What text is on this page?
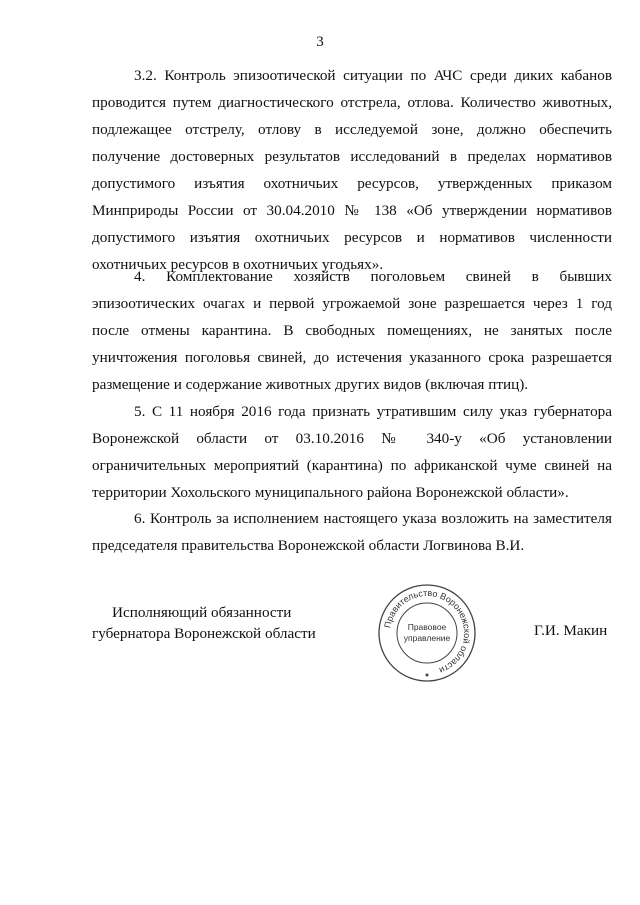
3
3.2. Контроль эпизоотической ситуации по АЧС среди диких кабанов проводится путем диагностического отстрела, отлова. Количество животных, подлежащее отстрелу, отлову в исследуемой зоне, должно обеспечить получение достоверных результатов исследований в пределах нормативов допустимого изъятия охотничьих ресурсов, утвержденных приказом Минприроды России от 30.04.2010 № 138 «Об утверждении нормативов допустимого изъятия охотничьих ресурсов и нормативов численности охотничьих ресурсов в охотничьих угодьях».
4. Комплектование хозяйств поголовьем свиней в бывших эпизоотических очагах и первой угрожаемой зоне разрешается через 1 год после отмены карантина. В свободных помещениях, не занятых после уничтожения поголовья свиней, до истечения указанного срока разрешается размещение и содержание животных других видов (включая птиц).
5. С 11 ноября 2016 года признать утратившим силу указ губернатора Воронежской области от 03.10.2016 № 340-у «Об установлении ограничительных мероприятий (карантина) по африканской чуме свиней на территории Хохольского муниципального района Воронежской области».
6. Контроль за исполнением настоящего указа возложить на заместителя председателя правительства Воронежской области Логвинова В.И.
Исполняющий обязанности
губернатора Воронежской области
Правительство Воронежской области
Правовое
управление	Г.И. Макин
